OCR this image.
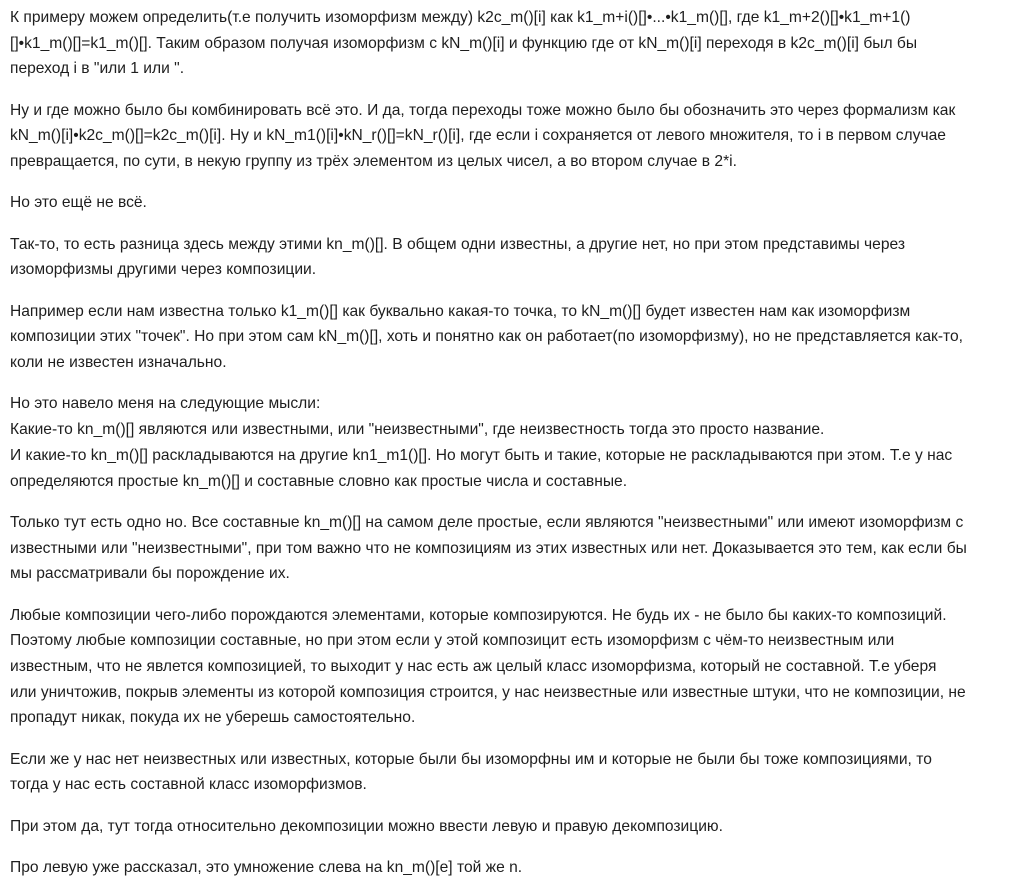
К примеру можем определить(т.е получить изоморфизм между) k2c_m()[i] как k1_m+i()[]•...•k1_m()[], где k1_m+2()[]•k1_m+1()
[]•k1_m()[]=k1_m()[]. Таким образом получая изоморфизм с kN_m()[i] и функцию где от kN_m()[i] переходя в k2c_m()[i] был бы
переход i в "или 1 или ".

Ну и где можно было бы комбинировать всё это. И да, тогда переходы тоже можно было бы обозначить это через формализм как
kN_m()[i]•k2c_m()[]=k2c_m()[i]. Ну и kN_m1()[i]•kN_r()[]=kN_r()[i], где если i сохраняется от левого множителя, то i в первом случае
превращается, по сути, в некую группу из трёх элементом из целых чисел, а во втором случае в 2*i.

Но это ещё не всё.

Так-то, то есть разница здесь между этими kn_m()[]. В общем одни известны, а другие нет, но при этом представимы через
изоморфизмы другими через композиции.

Например если нам известна только k1_m()[] как буквально какая-то точка, то kN_m()[] будет известен нам как изоморфизм
композиции этих "точек". Но при этом сам kN_m()[], хоть и понятно как он работает(по изоморфизму), но не представляется как-то,
коли не известен изначально.

Но это навело меня на следующие мысли:
Какие-то kn_m()[] являются или известными, или "неизвестными", где неизвестность тогда это просто название.
И какие-то kn_m()[] раскладываются на другие kn1_m1()[]. Но могут быть и такие, которые не раскладываются при этом. Т.е у нас
определяются простые kn_m()[] и составные словно как простые числа и составные.

Только тут есть одно но. Все составные kn_m()[] на самом деле простые, если являются "неизвестными" или имеют изоморфизм с
известными или "неизвестными", при том важно что не композициям из этих известных или нет. Доказывается это тем, как если бы
мы рассматривали бы порождение их.

Любые композиции чего-либо порождаются элементами, которые композируются. Не будь их - не было бы каких-то композиций.
Поэтому любые композиции составные, но при этом если у этой композицит есть изоморфизм с чём-то неизвестным или
известным, что не явлется композицией, то выходит у нас есть аж целый класс изоморфизма, который не составной. Т.е уберя
или уничтожив, покрыв элементы из которой композиция строится, у нас неизвестные или известные штуки, что не композиции, не
пропадут никак, покуда их не уберешь самостоятельно.

Если же у нас нет неизвестных или известных, которые были бы изоморфны им и которые не были бы тоже композициями, то
тогда у нас есть составной класс изоморфизмов.

При этом да, тут тогда относительно декомпозиции можно ввести левую и правую декомпозицию.

Про левую уже рассказал, это умножение слева на kn_m()[e] той же n.
